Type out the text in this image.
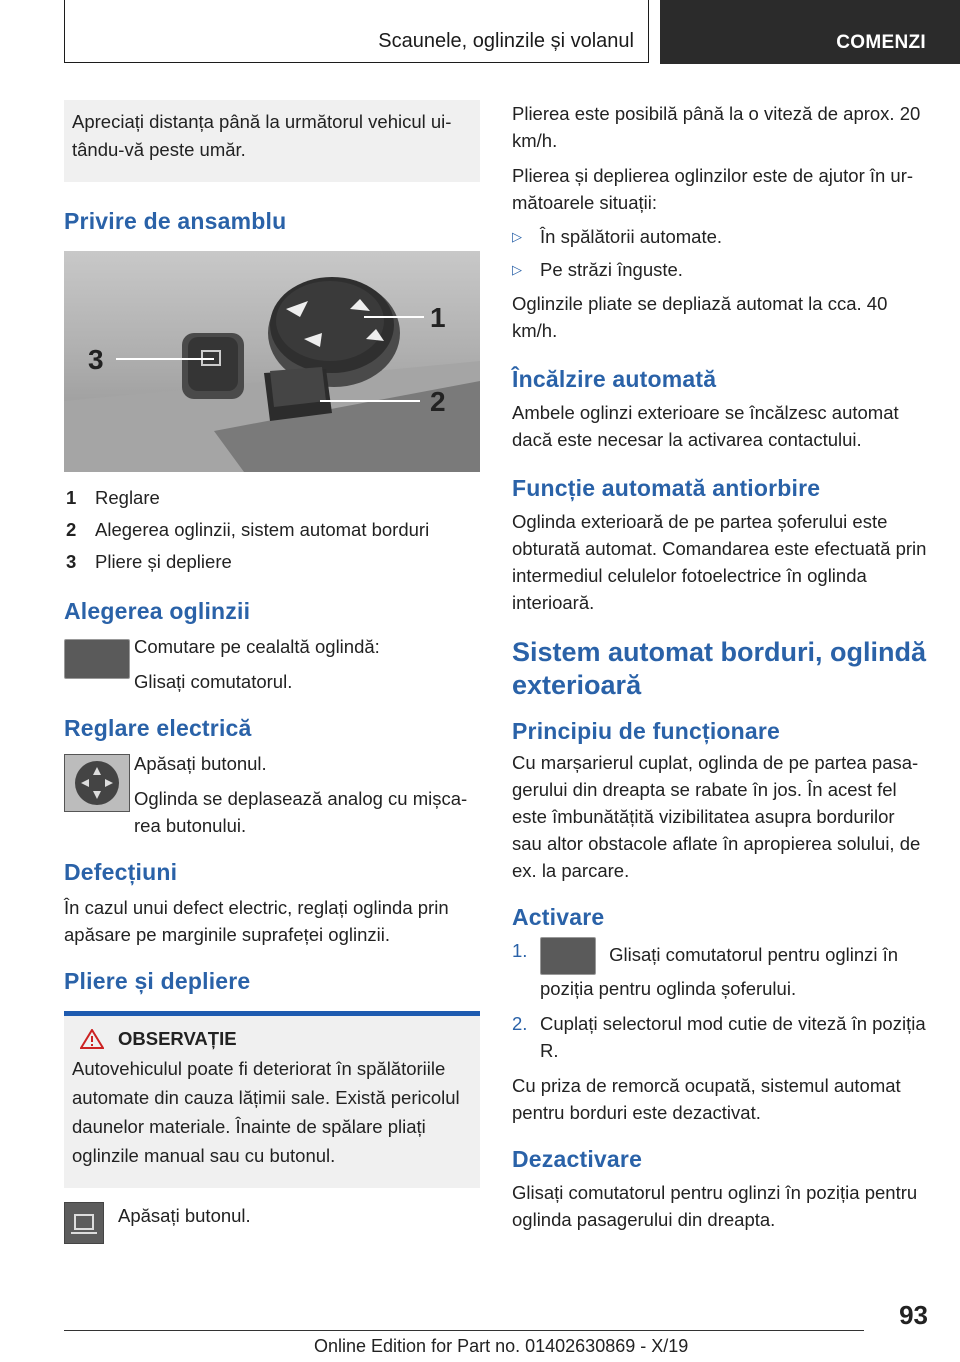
Scaunele, oglinzile și volanul	COMENZI
Apreciați distanța până la următorul vehicul uitându-vă peste umăr.
Privire de ansamblu
3
1
2
1	Reglare
2	Alegerea oglinzii, sistem automat borduri
3	Pliere și depliere
Alegerea oglinzii

Comutare pe cealaltă oglindă:

Glisați comutatorul.

Reglare electrică

Apăsați butonul.

Oglinda se deplasează analog cu mișcarea butonului.

Defecțiuni

În cazul unui defect electric, reglați oglinda prin apăsare pe marginile suprafeței oglinzii.

Pliere și depliere
OBSERVAȚIE
Autovehiculul poate fi deteriorat în spălătoriile automate din cauza lățimii sale. Există pericolul daunelor materiale. Înainte de spălare pliați oglinzile manual sau cu butonul.

Apăsați butonul.

Plierea este posibilă până la o viteză de aprox. 20 km/h.

Plierea și deplierea oglinzilor este de ajutor în următoarele situații:

▷ În spălătorii automate.
▷ Pe străzi înguste.

Oglinzile pliate se depliază automat la cca. 40 km/h.

Încălzire automată

Ambele oglinzi exterioare se încălzesc automat dacă este necesar la activarea contactului.

Funcție automată antiorbire

Oglinda exterioară de pe partea șoferului este obturată automat. Comandarea este efectuată prin intermediul celulelor fotoelectrice în oglinda interioară.

Sistem automat borduri, oglindă exterioară
Principiu de funcționare

Cu marșarierul cuplat, oglinda de pe partea pasagerului din dreapta se rabate în jos. În acest fel este îmbunătățită vizibilitatea asupra bordurilor sau altor obstacole aflate în apropierea solului, de ex. la parcare.

Activare
1.	Glisați comutatorul pentru oglinzi în poziția pentru oglinda șoferului.
2. Cuplați selectorul mod cutie de viteză în poziția R.

Cu priza de remorcă ocupată, sistemul automat pentru borduri este dezactivat.

Dezactivare

Glisați comutatorul pentru oglinzi în poziția pentru oglinda pasagerului din dreapta.

93
Online Edition for Part no. 01402630869 - X/19
